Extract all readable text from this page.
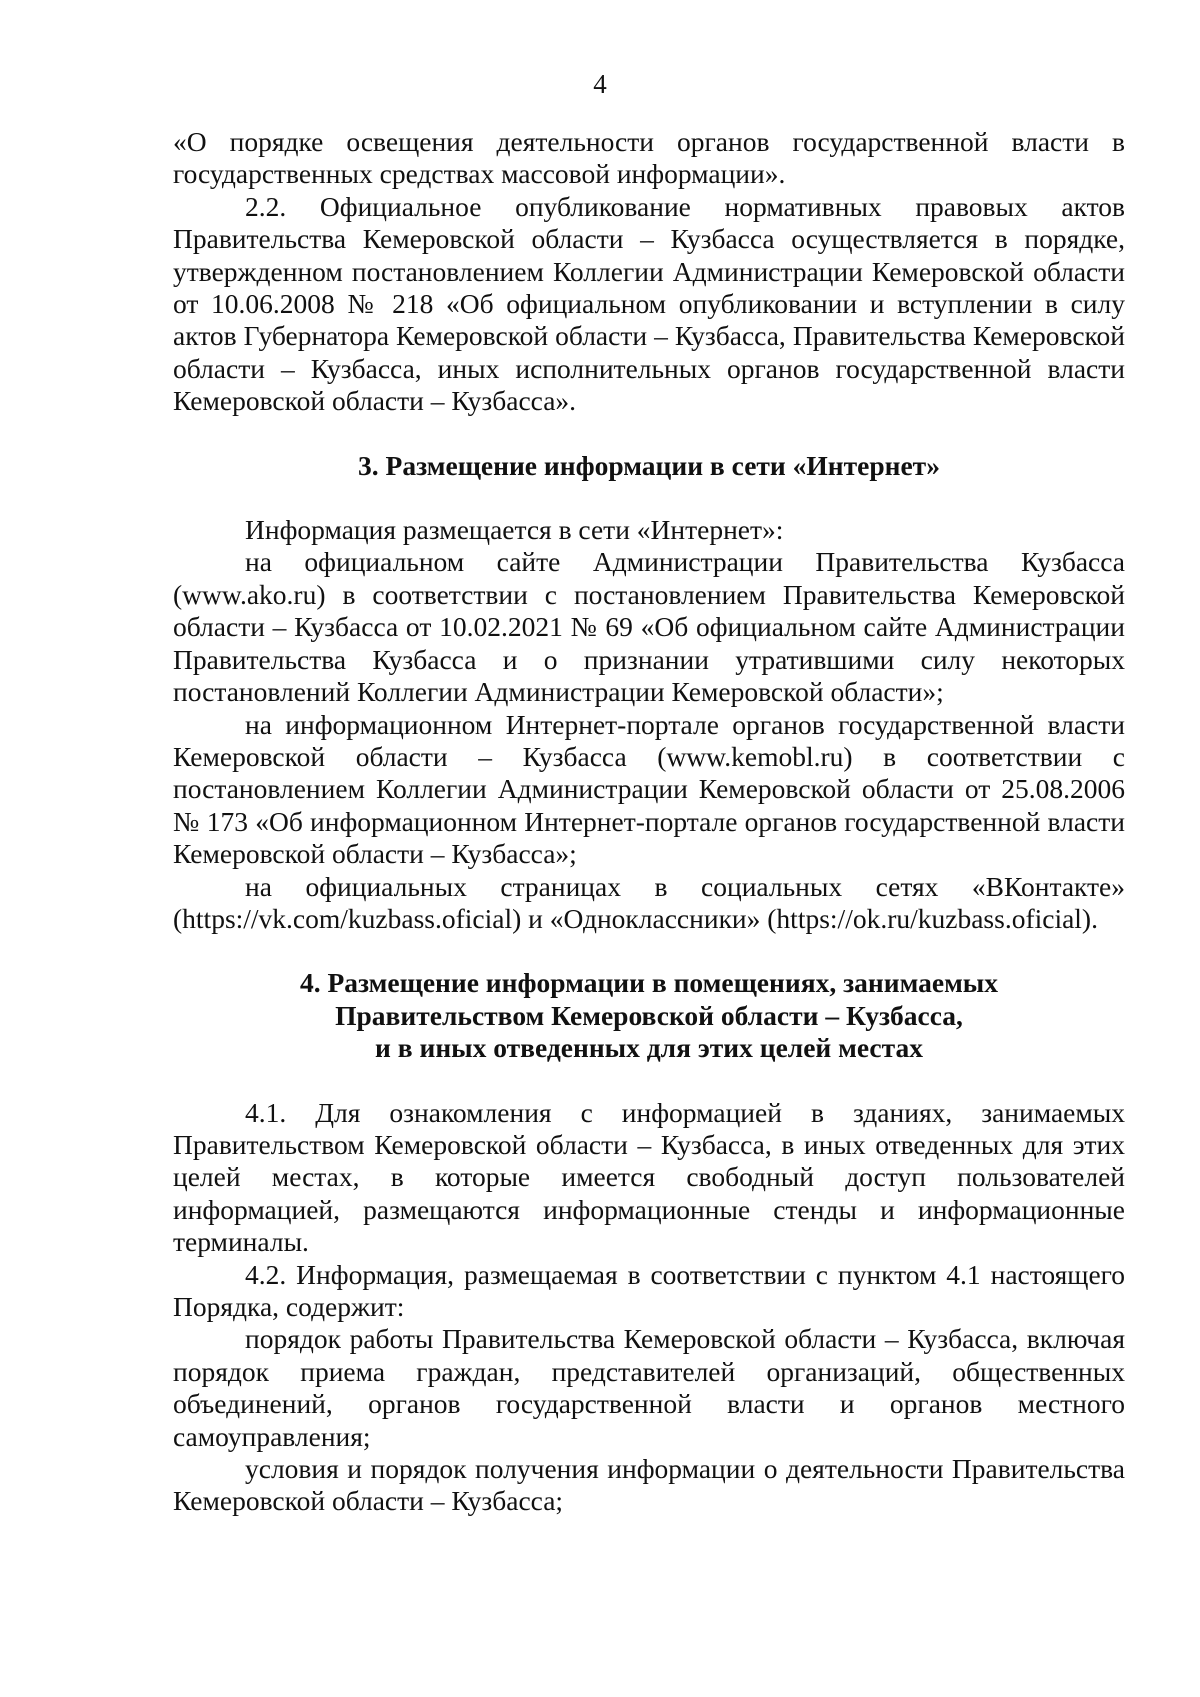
4

«О порядке освещения деятельности органов государственной власти в государственных средствах массовой информации».

2.2. Официальное опубликование нормативных правовых актов Правительства Кемеровской области – Кузбасса осуществляется в порядке, утвержденном постановлением Коллегии Администрации Кемеровской области от 10.06.2008 № 218 «Об официальном опубликовании и вступлении в силу актов Губернатора Кемеровской области – Кузбасса, Правительства Кемеровской области – Кузбасса, иных исполнительных органов государственной власти Кемеровской области – Кузбасса».

3. Размещение информации в сети «Интернет»

Информация размещается в сети «Интернет»:

на официальном сайте Администрации Правительства Кузбасса (www.ako.ru) в соответствии с постановлением Правительства Кемеровской области – Кузбасса от 10.02.2021 № 69 «Об официальном сайте Администрации Правительства Кузбасса и о признании утратившими силу некоторых постановлений Коллегии Администрации Кемеровской области»;

на информационном Интернет-портале органов государственной власти Кемеровской области – Кузбасса (www.kemobl.ru) в соответствии с постановлением Коллегии Администрации Кемеровской области от 25.08.2006 № 173 «Об информационном Интернет-портале органов государственной власти Кемеровской области – Кузбасса»;

на официальных страницах в социальных сетях «ВКонтакте» (https://vk.com/kuzbass.oficial) и «Одноклассники» (https://ok.ru/kuzbass.oficial).

4. Размещение информации в помещениях, занимаемых
Правительством Кемеровской области – Кузбасса,
и в иных отведенных для этих целей местах

4.1. Для ознакомления с информацией в зданиях, занимаемых Правительством Кемеровской области – Кузбасса, в иных отведенных для этих целей местах, в которые имеется свободный доступ пользователей информацией, размещаются информационные стенды и информационные терминалы.

4.2. Информация, размещаемая в соответствии с пунктом 4.1 настоящего Порядка, содержит:

порядок работы Правительства Кемеровской области – Кузбасса, включая порядок приема граждан, представителей организаций, общественных объединений, органов государственной власти и органов местного самоуправления;

условия и порядок получения информации о деятельности Правительства Кемеровской области – Кузбасса;
